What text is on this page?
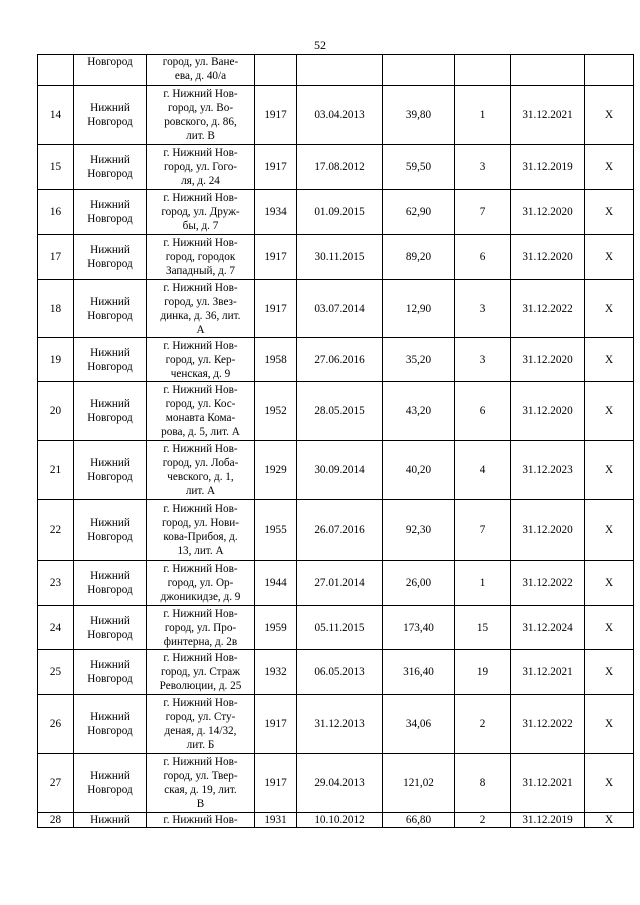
52

	Новгород	город, ул. Ване-
ева, д. 40/а						

14	Нижний
Новгород	г. Нижний Нов-
город, ул. Во-
ровского, д. 86,
лит. В	1917	03.04.2013	39,80	1	31.12.2021	Х
15	Нижний
Новгород	г. Нижний Нов-
город, ул. Гого-
ля, д. 24	1917	17.08.2012	59,50	3	31.12.2019	Х
16	Нижний
Новгород	г. Нижний Нов-
город, ул. Друж-
бы, д. 7	1934	01.09.2015	62,90	7	31.12.2020	Х
17	Нижний
Новгород	г. Нижний Нов-
город, городок
Западный, д. 7	1917	30.11.2015	89,20	6	31.12.2020	Х
18	Нижний
Новгород	г. Нижний Нов-
город, ул. Звез-
динка, д. 36, лит.
А	1917	03.07.2014	12,90	3	31.12.2022	Х
19	Нижний
Новгород	г. Нижний Нов-
город, ул. Кер-
ченская, д. 9	1958	27.06.2016	35,20	3	31.12.2020	Х
20	Нижний
Новгород	г. Нижний Нов-
город, ул. Кос-
монавта Кома-
рова, д. 5, лит. А	1952	28.05.2015	43,20	6	31.12.2020	Х
21	Нижний
Новгород	г. Нижний Нов-
город, ул. Лоба-
чевского, д. 1,
лит. А	1929	30.09.2014	40,20	4	31.12.2023	Х
22	Нижний
Новгород	г. Нижний Нов-
город, ул. Нови-
кова-Прибоя, д.
13, лит. А	1955	26.07.2016	92,30	7	31.12.2020	Х
23	Нижний
Новгород	г. Нижний Нов-
город, ул. Ор-
джоникидзе, д. 9	1944	27.01.2014	26,00	1	31.12.2022	Х
24	Нижний
Новгород	г. Нижний Нов-
город, ул. Про-
финтерна, д. 2в	1959	05.11.2015	173,40	15	31.12.2024	Х
25	Нижний
Новгород	г. Нижний Нов-
город, ул. Страж
Революции, д. 25	1932	06.05.2013	316,40	19	31.12.2021	Х
26	Нижний
Новгород	г. Нижний Нов-
город, ул. Сту-
деная, д. 14/32,
лит. Б	1917	31.12.2013	34,06	2	31.12.2022	Х
27	Нижний
Новгород	г. Нижний Нов-
город, ул. Твер-
ская, д. 19, лит.
В	1917	29.04.2013	121,02	8	31.12.2021	Х
28	Нижний	г. Нижний Нов-	1931	10.10.2012	66,80	2	31.12.2019	Х
